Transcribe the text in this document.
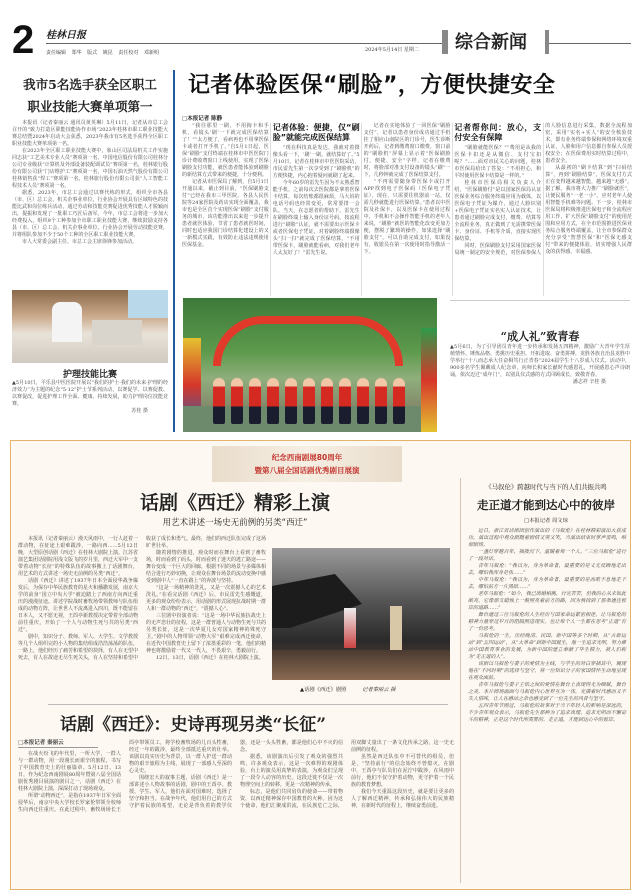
2 桂林日报
责任编辑 郑华 版式 姚昆 责任校对 邓新明	2024年5月14日 星期二 综合新闻
我市5名选手获全区职工
职业技能大赛单项第一

本报讯（记者秦丽云 通讯员黄英琳）5月11日，记者从市总工会召开的“致力打造区职能技能协作市场”2023年桂林市职工职业技能大赛总结暨2024年启动大会获悉，2023年我市有5名选手获得全区职工职业技能大赛单项第一名。

在2023年全区职工职业技能大赛中，象山区司法局机关工作实施同志获“工艺美术专业人员”赛项第一名，中国电信股份有限公司桂林分公司专业级获“计算机及外部设备装配调试员”赛项第一名，桂林银行股份有限公司获“门店维护工”赛项第一名，中国石油天然气股份有限公司桂林销售获“焊工”赛项第一名，桂林旅行股份有限公司获“人工智能工程技术人员”赛项第一名。

据悉，2023年，市总工会通过以赛代练的形式，组织全市各县（市、区）总工会，机关企事业单位，行业协会开展具有区域特色的技能比武和岗位练兵活动，通过劳动和技能竞赛促进优秀技能人才脱颖而出，提振和发现了一批职工巧匠后备军。今年，市总工会将进一步加大经费投入，组织9个工种参加全市职工职业技能大赛，继续鼓励支持各县（市、区）总工会、机关企事业单位、行业协会开展劳动技能竞赛，并将组队参加不少于50个工种的全区职工职业技能大赛。

市人大常委会副主任、市总工会主席徐锋参加活动。

护理技能比赛
▲5月10日，平乐县中医医院开展以“我们的护士·我们的未来·护理的经济效力”为主题的纪念“5·12”护士节系列活动，以赛促学、以赛促教、以赛促改，促进护理工作全面、健康、持续发展，助力护理岗位技能竞赛。
苏桂 摄
记者体验医保“刷脸”，方便快捷安全
□本报记者 陈静

“我往那里一刷，不用掏卡和手机，看镜头‘刷’一下就完成医保结算了！”“太方便了，看病再也不用拿医保卡或者打开手机了。”自5月1日起，医保“刷脸”支付终端在桂林市中医医院门诊计费收费窗口上线使用，实现了医保刷脸支付功能，就医患者能体验到刷脸的新结算方式带来的便捷，十分便利。

记者从市医保局了解到，自5月1日开通以来，截止到目前，“医保刷脸支付”已经在我市三甲医院、各县人民医院等24家医院及药店实现全面覆盖，我市也是全区首个实现医保“刷脸”支付服务的城市，该功能推出以来进一步提升患者就医体验，节省了患者就医时间，同时也适应我国门诊结算化建设上的又一新模式实践，有效防止违法违规使用医保基金。

记者体验：便捷，仅“刷脸”就能完成医保结算

“现在科技真是发达，我就对着摄像头看一下，‘刷’一刷，就结算好了。”5月10日，记者在桂林市中医医院采访，市民雷先生第一次享受到了“刷脸机”的方便快捷，内心抱着疑问就刷了起来。

今年60岁的雷先生因为不太熟悉智能手机，之前每次去医院都是拿着医保卡结算，每次结账都很麻烦，马大妈的电话号码也经常变更，常常要排一会队。当天，在志愿者的帮助下，雷先生在刷脸终端上输入身份证号码，按流程进行“刷脸”认证，就不需要出示医保卡或者医保电子凭证，对着刷脸终端摄像头“扫一扫”就完成了医保结算，“不用带医保卡，刷脸就能看病，对我们老年人太友好了！”雷先生说。

记者在实地体验了一回医保“刷脸支付”，记者以患者身份成功通过手机挂了相应山南院区的门诊号，医生诊断开药后，记者到缴费窗口缴费，窗口前的“刷脸机”屏幕上显示着“医保刷脸付，便捷、安全”字样，记者在缴费时，将脸部对准支付设备的镜头“刷”一下，几秒钟就完成了医保结算支付。

“不再需要随身带医保卡或打开APP找到电子医保码（医保电子凭证），现在，只需要往机器前一站，仅需几秒就能进行医保结算。”患者以中医院及社保卡，以及医保卡在使用过程中，手机和不会操作智能手机的老年人来说，“刷脸”就医的智能化改变更加方便，摆脱了繁琐的操作，如果选择“刷脸支付”，可以自助完成支付，如果没有，收银员在第一次使用时指导激活一下。

记者帮你问：放心，支付安全有保障

“刷脸就能医保？”“费用是从我的医保卡扣还是从微信、支付宝扣呢？”……面对市民关心的问题，桂林市医保局给出了答复：“不用担心，和平时使用医保卡结算是一样的。”

桂林市医保局相关负责人介绍，“医保刷脸付”是以国家医保局认证医保业务综合服务终端应用为载体，以医保电子凭证为媒介，通过人脸识别+医保电子凭证实名实人认证技术，让患者通过刷脸完成支付，缴费、结算等全流程业务，真正做到了无需携带医保卡、身份证、手机等介质，直接实现医保结算。

同时，医保刷脸支付采用国家医保局统一制定的安全规范，对医保参保人的人脸信息进行采集，数据全流程加密，采用“实名+实人”的安全核验技术，即有业务终端参保和网络环境双重认证，人脸和用户信息都自参保人员授权安全；在医保费用实时结算过程中，患者安全。

从最初的“刷卡结算”到“扫码结算”，再到“刷脸结算”，医保支付方式正在变得越来越智能，越来越“无感”。据了解，我市将大力推广“刷脸就医”，让便民服务“一老一小”，应对老年人使用智能手机难等问题。下一步，桂林市医保局将积极推进医保电子和全流程应用工作，扩大医保“刷脸支付”的使用范围和应用方式，在全市范围推进医保业务综合服务终端覆盖，让全市参保群众充分享受“智慧医保”和“医保无感支付”带来的便捷体验，切实增强人民群众的获得感、幸福感。

“成人礼”致青春
▲5月6日，为了引导团员青年进一步传承和发扬五四精神，激励广大青年学生厚植情怀、锤炼品格、勇挑历史重担、开拓进取、奋勇拼搏，龙胜各族自治县龙胜中学举行“十八而志承大任奋楫笃行正青春”2024届学生十八岁成人仪式。活动中，900多名学生佩戴成人纪念章，向师长和家长献时代感恩礼，开展感恩心声诗朗诵，依次迈过“成年门”，以别具仪式感的方式回顾成长，致敬青春。
潘志祥 辛桂 摄
纪念西南剧展80周年
暨第八届全国话剧优秀剧目展演
话剧《西迁》精彩上演
用艺术讲述一场史无前例的另类“西迁”

本报讯（记者秦丽云）漫天风雨中，一行人赶着一群动物，在征途上艰难跋涉，一路向西……5月12日晚，大型原创话剧《西迁》在桂林大剧院上演。江苏省演艺集团话剧院用浅文版飞的岁月里，西迁大军中一支带着动物“长征”的特殊队伍的故事搬上了话剧舞台，用艺术的方式讲述一场史无前例的另类“西迁”。

话剧《西迁》讲述了1937年日本全面侵华战争爆发后，为保存中华民族教育的星火和播撒发展，南京大学的前身“国立中央大学”被迫踏上了西南方向西迁重庆的漫漫征途。讲述学院战时畜牧场带领教师与队伍组成的动物方阵，让世世人不流离进入四川，既不能留在日本人，又不愿无视，王酉亭新教授决定带着全部动物前往重庆，开始了一个人与动物生死与共的另类“西迁”。

剧中，知识分子、教师、军人、大学生、文学教授等几个人组织完的小人物的集结组成浩浩荡荡的队伍，一路上，他们经历了痛苦和希望的抉择，有人在无望中死去，有人在故途无尽生死关头，有人在坚持和希望中收获了成长和勇气。最终，他们的西迁队伍完成了这场旷世壮举。

随着剧情的推进，观众时而在舞台上看到了畜牧场，时而看到了码头，时而看到了迷天的逃亡路途——舞台变成一个巨大的回廊，根据不同的场景与多媒体相结合进行巧妙切换，让观众在舞台场景的流动变换中感受到剧中人“一直在路上”的奔波与坚持。

“这是一场精神的洗礼，又是一次震撼人心的艺术洗礼。”在看完话剧《西迁》后，市民雷先生感慨道，更多的观众纷纷表示，用话剧的形式展现抗战时期一群人和一群动物的“西迁”，“震撼人心”。

三位剧中扮演者说：“这是一场中华民族抗战史上的无声悲壮的征程，这是一群普通人与动物生死与共的另类长征，这是一次华夏儿女对国家精神的殊死守卫。”剧中的人物带领“动物大军”艰难完成西迁使命，在近代中国教育史上留下了浓墨重彩的一笔，他们的精神也将激励着一代又一代人，不畏艰辛，勇毅前行。

12日、13日，话剧《西迁》在桂林大剧院上演。

▲话剧《西迁》剧照	记者秦丽云 摄
话剧《西迁》：史诗再现另类“长征”
□本报记者 秦丽云

在战火纷飞的年代里，一所大学，一群人与一群动物，用一段漫长而艰辛的旅程，书写了中国教育史上的壮丽篇章。5月12日、13日，作为纪念西南剧展80周年暨第八届全国话剧优秀剧目展演的剧目之一，话剧《西迁》在桂林大剧院上演，深深打动了现场观众。

所谓“动物西迁”，是指在1937年日军全面侵华后，南京中央大学校长罗家伦带领全校师生向西迁往重庆。在此过程中，畜牧场场长王酉亭带领员工，将学校畜牧场的几百头牲畜，经过一年的跋涉，最终全部抵达重庆的壮举。该剧以真实历史为背景，以一群人护送一群动物的艰辛旅程为主线，展现了一部感人至深的心灵史。

围绕宏大的叙事主题，话剧《西迁》是一部讲述小人物故事的话剧，剧中的王酉亭、教授、学生、军人，他们在面对国难时，选择了坚守和担当。在战争年代，他们用自己的方式守护着民族的希望，无论是背负着的教学仪器，还是一头头牲畜，都是他们心中不灭的信念。

据悉，该剧演出后引发了观众的强烈共鸣，许多观众表示，这是一次难得的观剧体验，台上的演员用真挚的表演，为观众们呈现了一段令人动容的历史。这段迁徙不仅是一次物理空间上的转移，更是一次精神的传承。

标志，是他们共同肩负的使命——带着物资，以西迁精神保存中国教育的火种。因为这个使命，他们汇聚成洪流，在民族危亡之际，用双脚丈量出了一条文化传承之路，这一史无前例的征程。

虽然是西迁队伍中不可替代的组员，但是，“坚持前行”的信念始终不曾熄灭，在剧中，王酉亭与队员们在泥泞中跋涉，在风雨中前行，他们不仅守护着动物，更守护着一个民族的教育梦想。

我们今天重温这段历史，就是要让更多的人了解西迁精神，传承和弘扬伟大的民族精神，在新时代的征程上，继续奋勇前进。

《马叙伦》跨越时代与当下的人们共振共鸣
走正道才能到达心中的彼岸
□本报记者 周文琼

近日，浙江省话剧团创作演出的《马叙伦》在桂林精彩演出大获成功，演出过程中观众跟随着剧情又哭又笑，当演出结束时掌声雷鸣，响彻剧场。

一盏灯穿越百年，抽拨沉下，温暖着每一个人。“三位马叙伦”进行了一段对话。

青年马叙伦：“我以为，身为革命者，最重要的是义无反顾地走出去，哪怕我浑身是伤……”

中年马叙伦：“我以为，身为革命者，最重要的是高歌不息地走下去，哪怕前方一片黑暗……”

老年马叙伦：“如今，我已离婚相携，行完苦苦，但我的心从未如此敞亮。它像那支蜡烛上一般照亮着前方的路，因为我找到了那条通往彼岸的道路……”

舞台通过三位马叙伦的人生经历与国家命运紧密相连，让马叙伦的精神力量穿过岁月的阻隔照进现实，也让每个人一生都在思考“正道”有了一份思考。

马叙伦的一生，历经晚清、民国、新中国等多个时期，从“古新运动”到“五四运动”，从“大革命”到新中国诞生，他一生追求光明，努力推动中国教育事业的发展，为新中国的建立奉献了毕生精力，被人们称为“走正道的人”。

该剧以马叙伦与妻子的爱情为主线，与学生的对白穿插其中，展现他在“不同时期”的选择与坚守，将一位知识分子的家国情怀生动地呈现在观众面前。

青年马叙伦与妻子王恬之间的爱情在舞台上表现得尤为细腻，舞台之美，本片剧场画面与马叙伦内心世界互为一体，充满着时代感而又不失人情味，让人在感动之余也感受到了一位先生的风骨与坚守。

五四青年节刚过，马叙伦的故事对于当下年轻人的影响是深远的，不少青年观众表示，马叙伦先生那种为了追求真理、追求光明而不懈奋斗的精神，正是这个时代所需要的。走正道，才能到达心中的彼岸。
